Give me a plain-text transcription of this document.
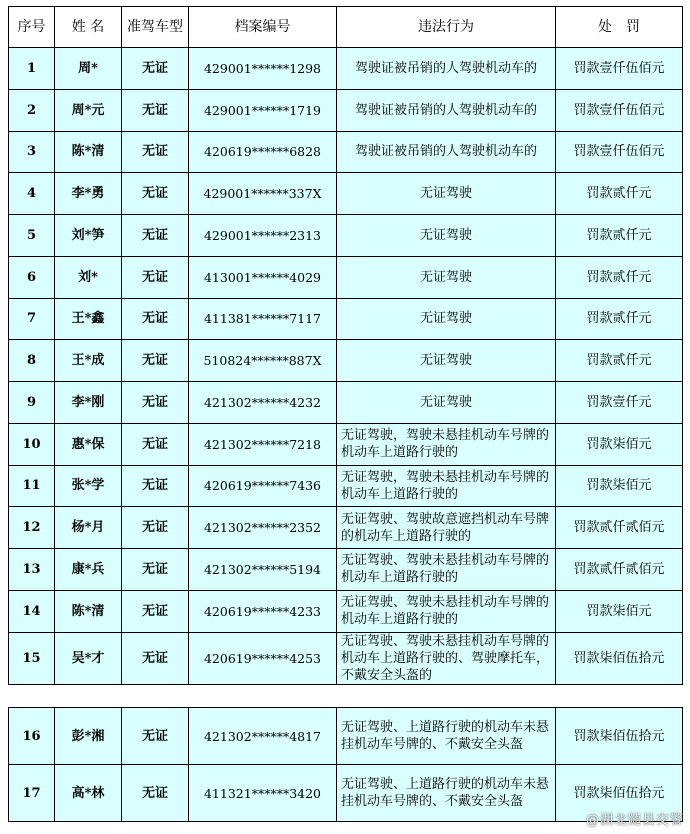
序号	姓 名	准驾车型	档案编号	违法行为	处　罚
1	周*	无证	429001******1298	驾驶证被吊销的人驾驶机动车的	罚款壹仟伍佰元
2	周*元	无证	429001******1719	驾驶证被吊销的人驾驶机动车的	罚款壹仟伍佰元
3	陈*清	无证	420619******6828	驾驶证被吊销的人驾驶机动车的	罚款壹仟伍佰元
4	李*勇	无证	429001******337X	无证驾驶	罚款贰仟元
5	刘*笋	无证	429001******2313	无证驾驶	罚款贰仟元
6	刘*	无证	413001******4029	无证驾驶	罚款贰仟元
7	王*鑫	无证	411381******7117	无证驾驶	罚款贰仟元
8	王*成	无证	510824******887X	无证驾驶	罚款贰仟元
9	李*刚	无证	421302******4232	无证驾驶	罚款壹仟元
10	惠*保	无证	421302******7218	无证驾驶，驾驶未悬挂机动车号牌的机动车上道路行驶的	罚款柒佰元
11	张*学	无证	420619******7436	无证驾驶，驾驶未悬挂机动车号牌的机动车上道路行驶的	罚款柒佰元
12	杨*月	无证	421302******2352	无证驾驶、驾驶故意遮挡机动车号牌的机动车上道路行驶的	罚款贰仟贰佰元
13	康*兵	无证	421302******5194	无证驾驶、驾驶未悬挂机动车号牌的机动车上道路行驶的	罚款贰仟贰佰元
14	陈*清	无证	420619******4233	无证驾驶、驾驶未悬挂机动车号牌的机动车上道路行驶的	罚款柒佰元
15	吴*才	无证	420619******4253	无证驾驶、驾驶未悬挂机动车号牌的机动车上道路行驶的、驾驶摩托车，不戴安全头盔的	罚款柒佰伍拾元
16	彭*湘	无证	421302******4817	无证驾驶、上道路行驶的机动车未悬挂机动车号牌的、不戴安全头盔	罚款柒佰伍拾元
17	高*林	无证	411321******3420	无证驾驶、上道路行驶的机动车未悬挂机动车号牌的、不戴安全头盔	罚款柒佰伍拾元
@湖北随县交警
